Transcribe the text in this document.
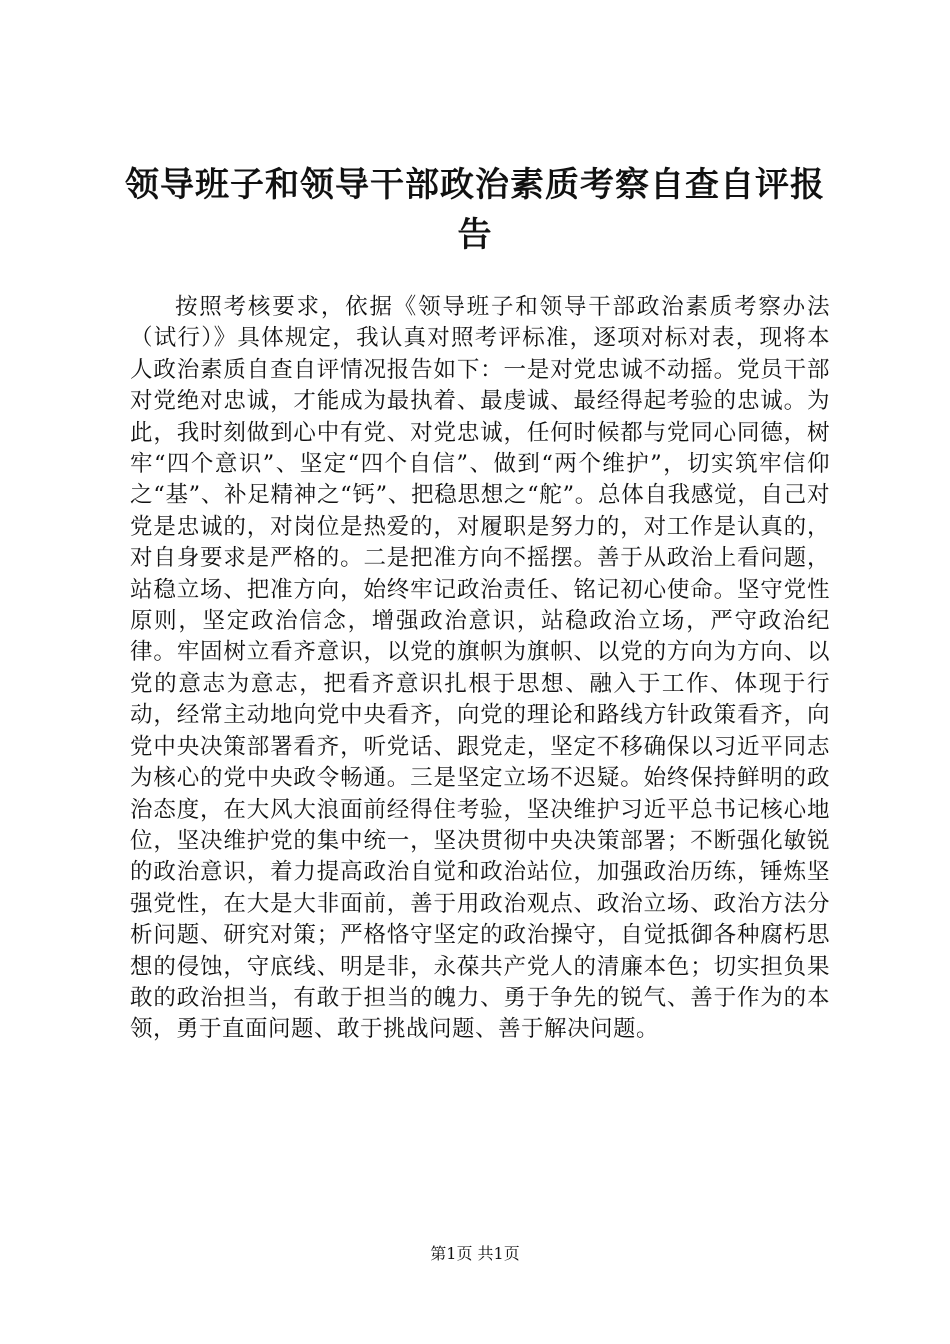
领导班子和领导干部政治素质考察自查自评报告

按照考核要求，依据《领导班子和领导干部政治素质考察办法（试行）》具体规定，我认真对照考评标准，逐项对标对表，现将本人政治素质自查自评情况报告如下：一是对党忠诚不动摇。党员干部对党绝对忠诚，才能成为最执着、最虔诚、最经得起考验的忠诚。为此，我时刻做到心中有党、对党忠诚，任何时候都与党同心同德，树牢“四个意识”、坚定“四个自信”、做到“两个维护”，切实筑牢信仰之“基”、补足精神之“钙”、把稳思想之“舵”。总体自我感觉，自己对党是忠诚的，对岗位是热爱的，对履职是努力的，对工作是认真的，对自身要求是严格的。二是把准方向不摇摆。善于从政治上看问题，站稳立场、把准方向，始终牢记政治责任、铭记初心使命。坚守党性原则，坚定政治信念，增强政治意识，站稳政治立场，严守政治纪律。牢固树立看齐意识，以党的旗帜为旗帜、以党的方向为方向、以党的意志为意志，把看齐意识扎根于思想、融入于工作、体现于行动，经常主动地向党中央看齐，向党的理论和路线方针政策看齐，向党中央决策部署看齐，听党话、跟党走，坚定不移确保以习近平同志为核心的党中央政令畅通。三是坚定立场不迟疑。始终保持鲜明的政治态度，在大风大浪面前经得住考验，坚决维护习近平总书记核心地位，坚决维护党的集中统一，坚决贯彻中央决策部署；不断强化敏锐的政治意识，着力提高政治自觉和政治站位，加强政治历练，锤炼坚强党性，在大是大非面前，善于用政治观点、政治立场、政治方法分析问题、研究对策；严格恪守坚定的政治操守，自觉抵御各种腐朽思想的侵蚀，守底线、明是非，永葆共产党人的清廉本色；切实担负果敢的政治担当，有敢于担当的魄力、勇于争先的锐气、善于作为的本领，勇于直面问题、敢于挑战问题、善于解决问题。

第1页 共1页
